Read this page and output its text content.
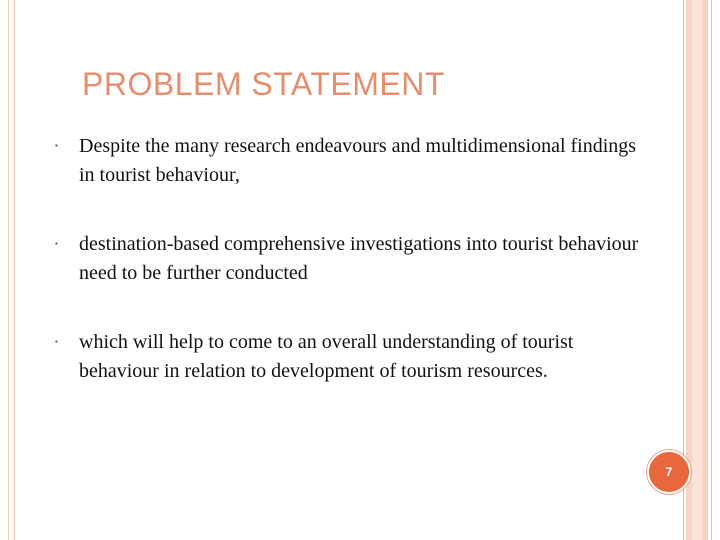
PROBLEM STATEMENT
▪ Despite the many research endeavours and multidimensional findings in tourist behaviour,
▪ destination-based comprehensive investigations into tourist behaviour need to be further conducted
▪ which will help to come to an overall understanding of tourist behaviour in relation to development of tourism resources.
7
